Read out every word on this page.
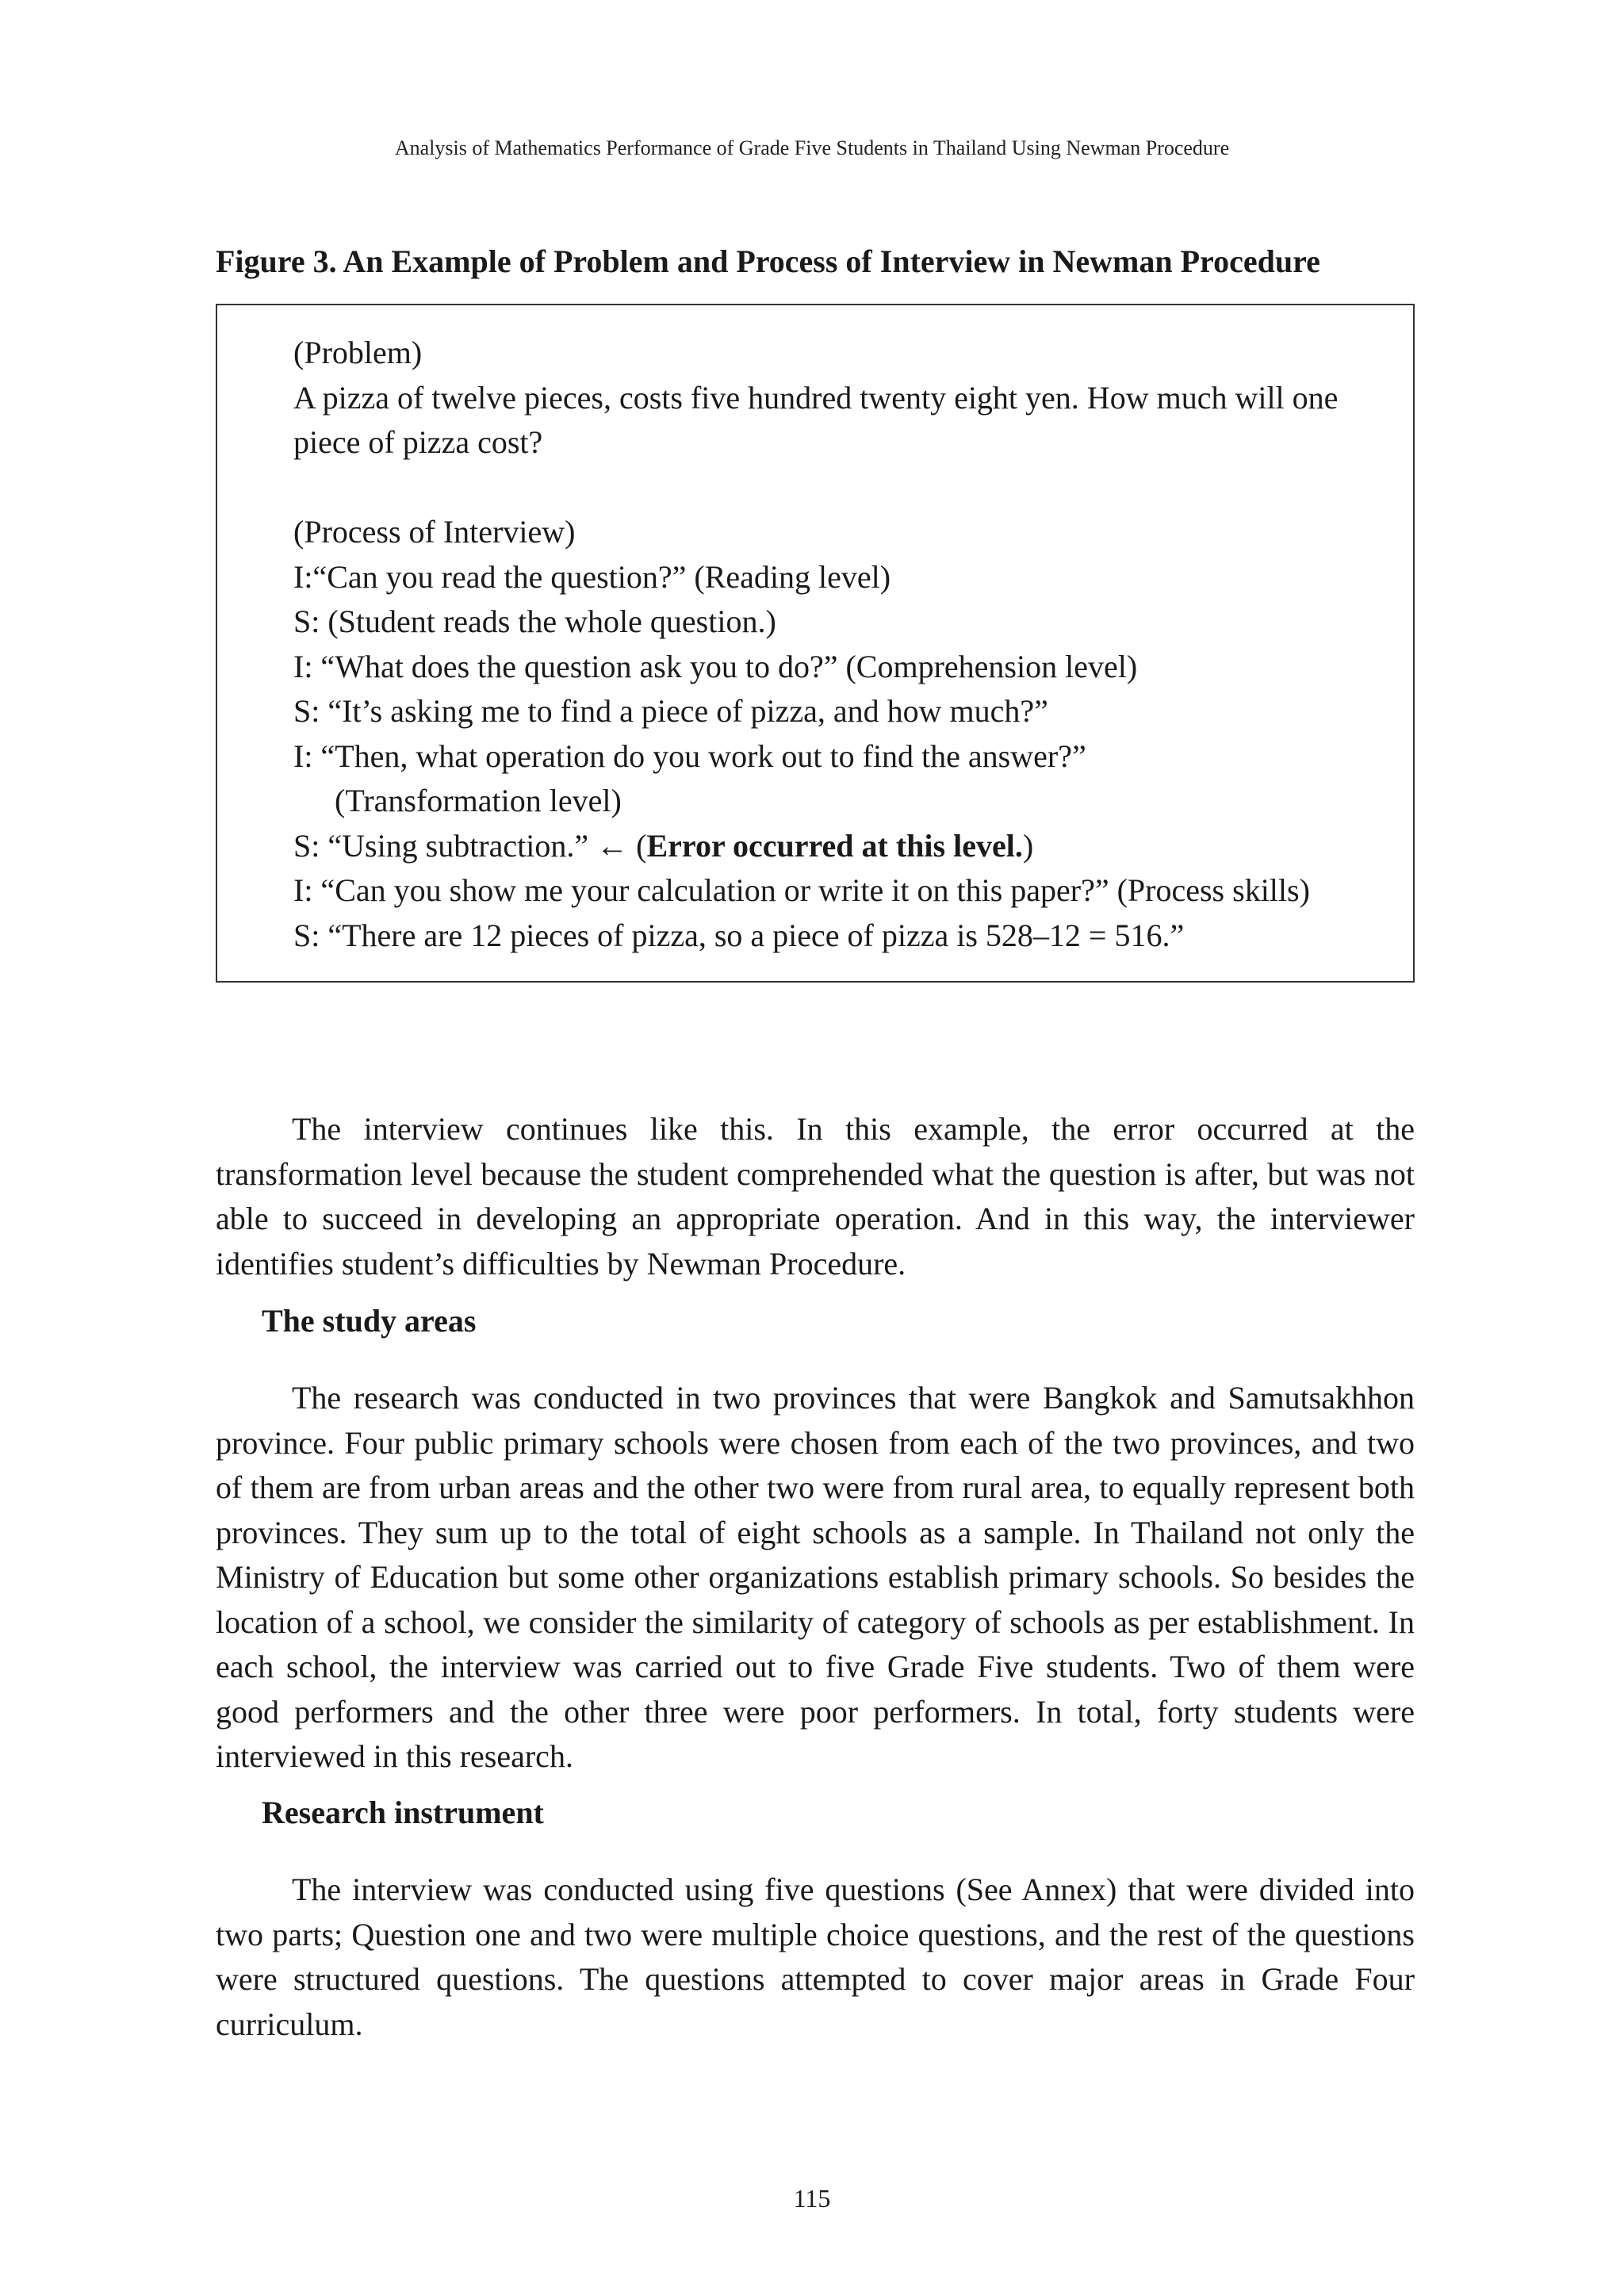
Analysis of Mathematics Performance of Grade Five Students in Thailand Using Newman Procedure
Figure 3. An Example of Problem and Process of Interview in Newman Procedure
(Problem)
A pizza of twelve pieces, costs five hundred twenty eight yen. How much will one
piece of pizza cost?
(Process of Interview)
I:“Can you read the question?” (Reading level)
S: (Student reads the whole question.)
I: “What does the question ask you to do?” (Comprehension level)
S: “It’s asking me to find a piece of pizza, and how much?”
I: “Then, what operation do you work out to find the answer?”
(Transformation level)
S: “Using subtraction.” ← (Error occurred at this level.)
I: “Can you show me your calculation or write it on this paper?” (Process skills)
S: “There are 12 pieces of pizza, so a piece of pizza is 528–12 = 516.”

The interview continues like this. In this example, the error occurred at the transformation level because the student comprehended what the question is after, but was not able to succeed in developing an appropriate operation. And in this way, the interviewer identifies student’s difficulties by Newman Procedure.

The study areas

The research was conducted in two provinces that were Bangkok and Samutsakhhon province. Four public primary schools were chosen from each of the two provinces, and two of them are from urban areas and the other two were from rural area, to equally represent both provinces. They sum up to the total of eight schools as a sample. In Thailand not only the Ministry of Education but some other organizations establish primary schools. So besides the location of a school, we consider the similarity of category of schools as per establishment. In each school, the interview was carried out to five Grade Five students. Two of them were good performers and the other three were poor performers. In total, forty students were interviewed in this research.

Research instrument

The interview was conducted using five questions (See Annex) that were divided into two parts; Question one and two were multiple choice questions, and the rest of the questions were structured questions. The questions attempted to cover major areas in Grade Four curriculum.

115
